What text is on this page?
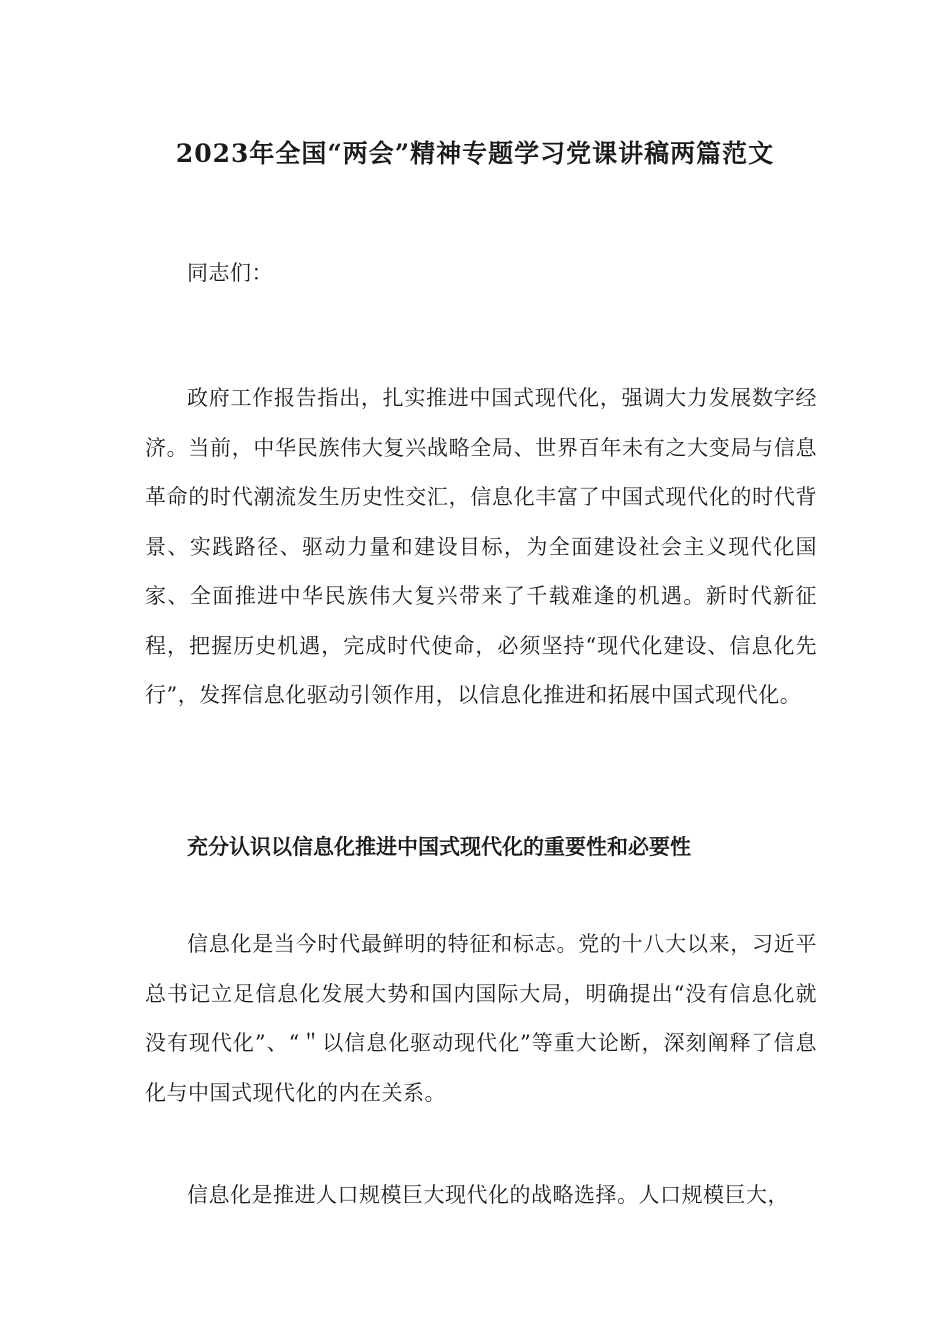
2023年全国“两会”精神专题学习党课讲稿两篇范文

同志们：

政府工作报告指出，扎实推进中国式现代化，强调大力发展数字经济。当前，中华民族伟大复兴战略全局、世界百年未有之大变局与信息革命的时代潮流发生历史性交汇，信息化丰富了中国式现代化的时代背景、实践路径、驱动力量和建设目标，为全面建设社会主义现代化国家、全面推进中华民族伟大复兴带来了千载难逢的机遇。新时代新征程，把握历史机遇，完成时代使命，必须坚持“现代化建设、信息化先行”，发挥信息化驱动引领作用，以信息化推进和拓展中国式现代化。

充分认识以信息化推进中国式现代化的重要性和必要性

信息化是当今时代最鲜明的特征和标志。党的十八大以来，习近平总书记立足信息化发展大势和国内国际大局，明确提出“没有信息化就没有现代化”、“＂以信息化驱动现代化”等重大论断，深刻阐释了信息化与中国式现代化的内在关系。

信息化是推进人口规模巨大现代化的战略选择。人口规模巨大，
